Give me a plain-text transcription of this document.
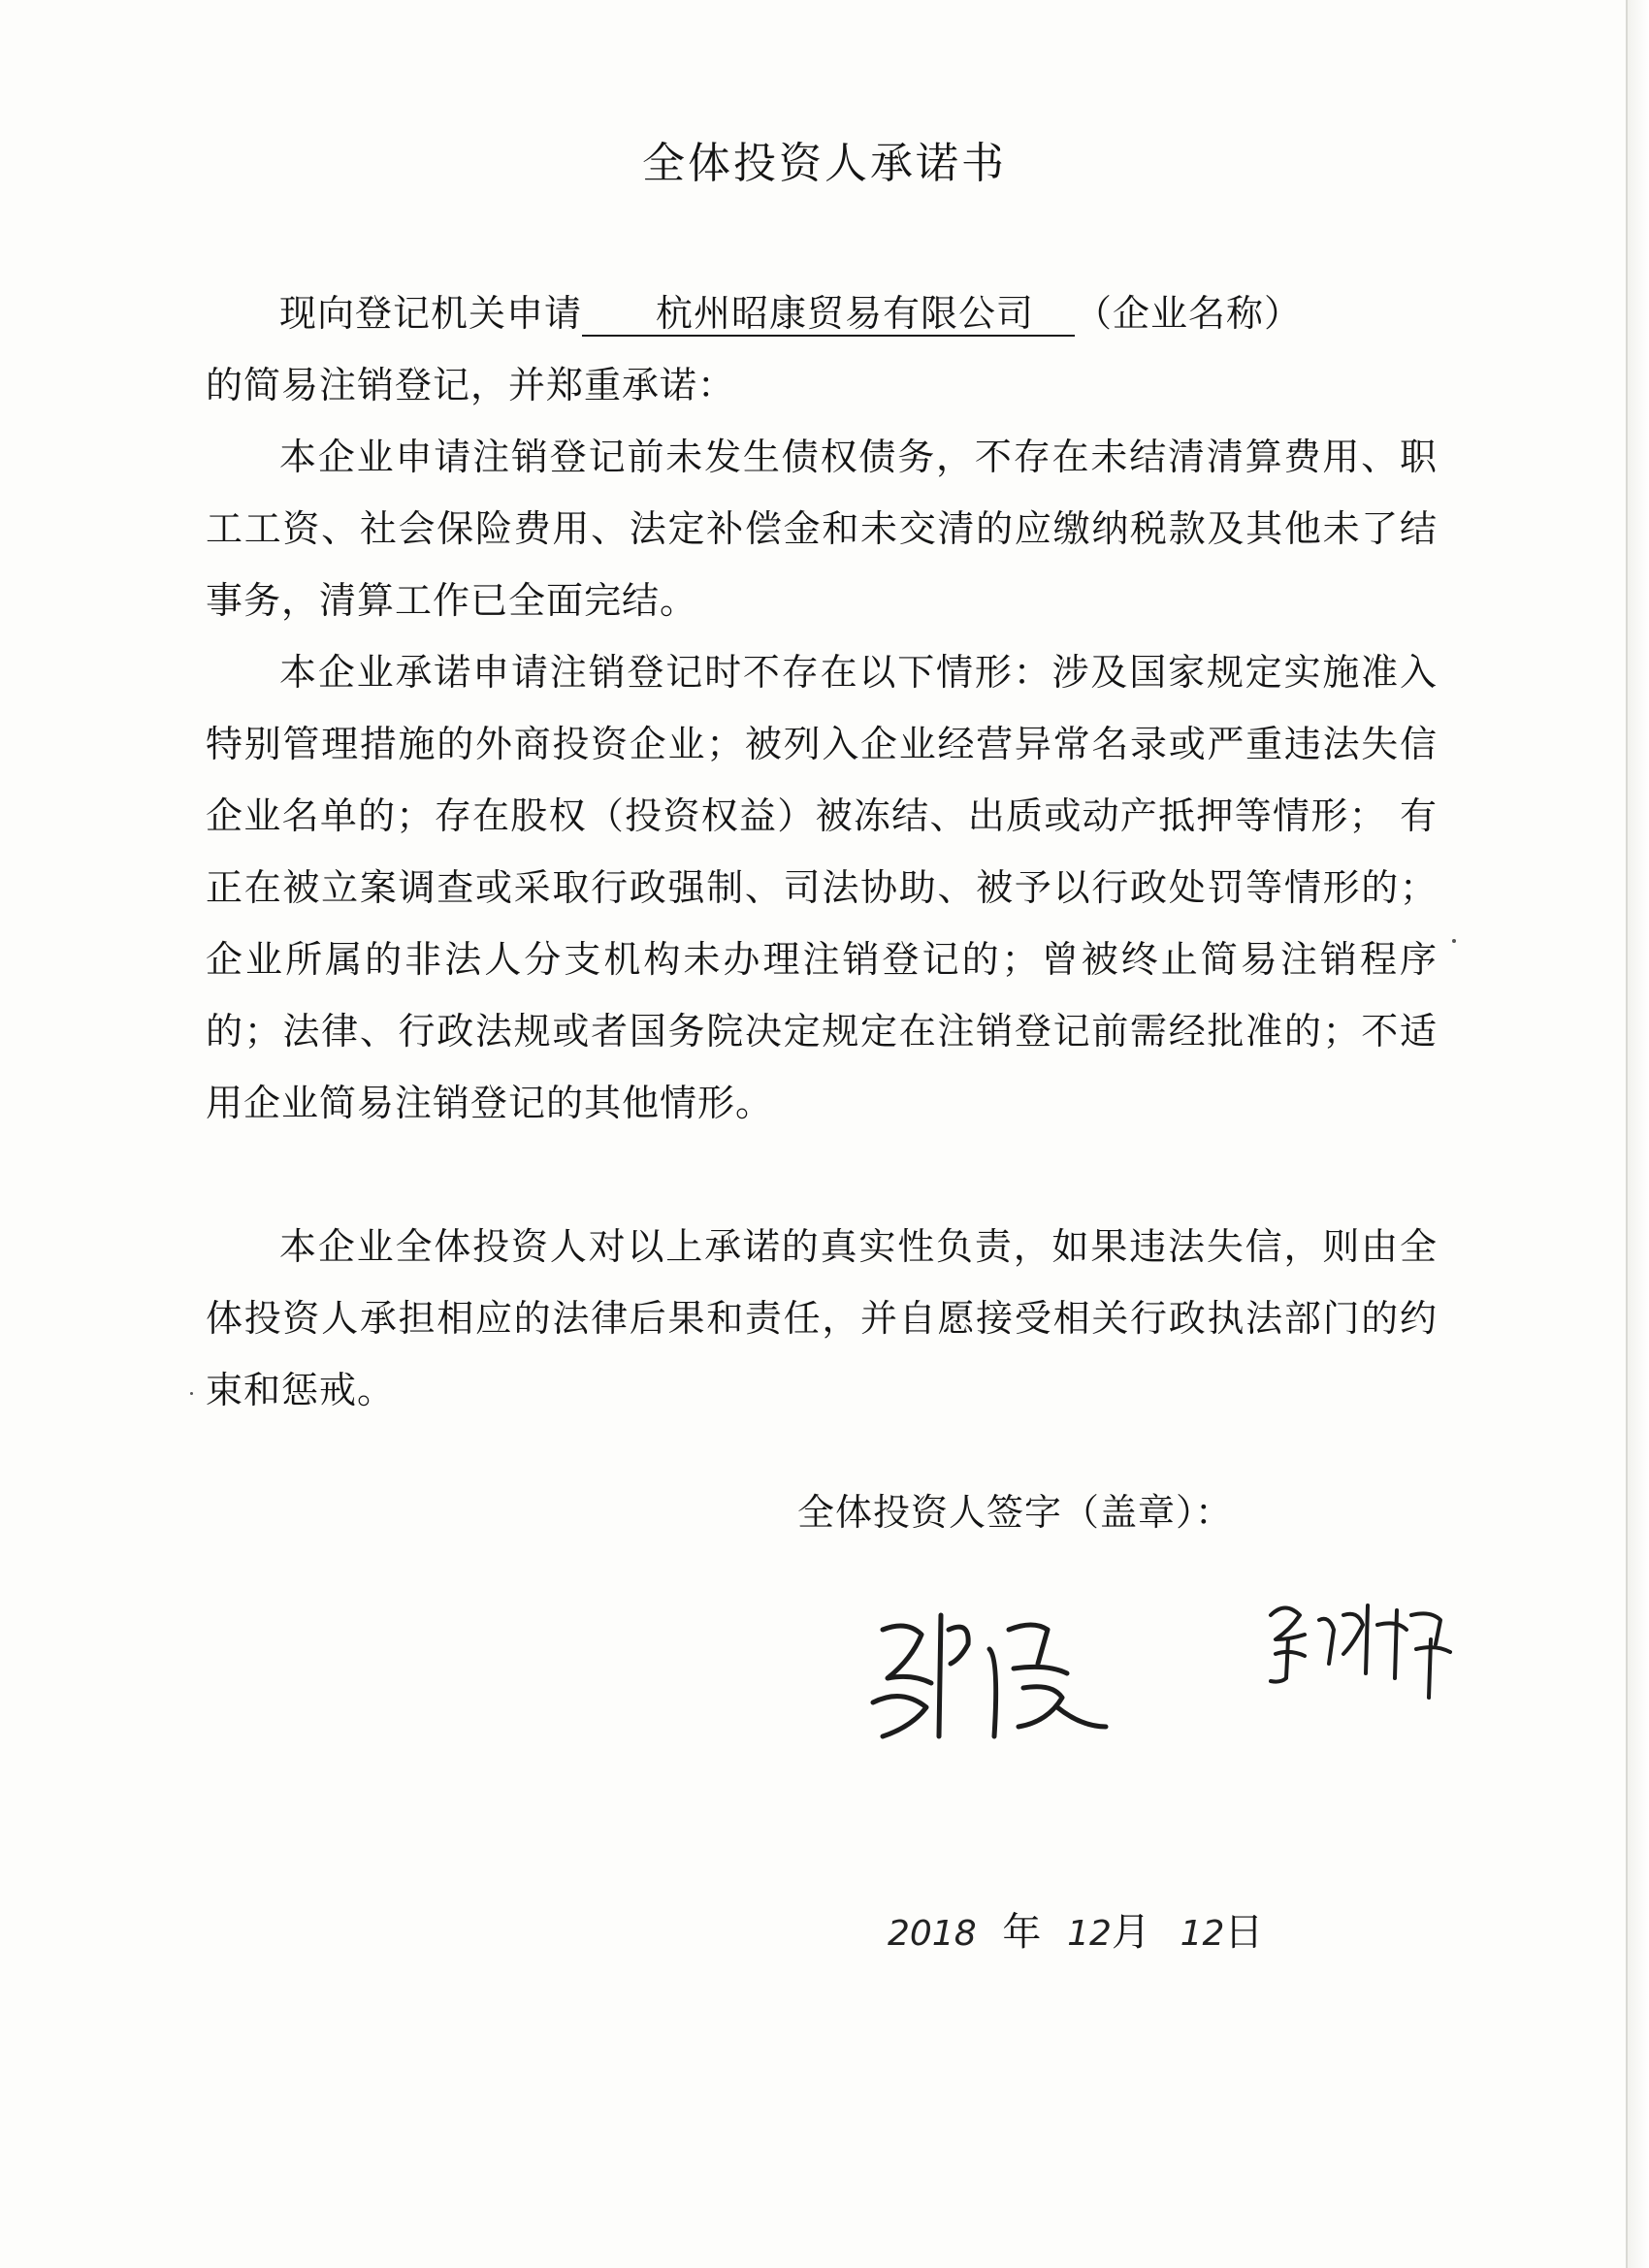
全体投资人承诺书

现向登记机关申请 杭州昭康贸易有限公司 （企业名称）

的简易注销登记，并郑重承诺：

本企业申请注销登记前未发生债权债务，不存在未结清清算费用、职工工资、社会保险费用、法定补偿金和未交清的应缴纳税款及其他未了结事务，清算工作已全面完结。

本企业承诺申请注销登记时不存在以下情形：涉及国家规定实施准入特别管理措施的外商投资企业；被列入企业经营异常名录或严重违法失信企业名单的；存在股权（投资权益）被冻结、出质或动产抵押等情形； 有正在被立案调查或采取行政强制、司法协助、被予以行政处罚等情形的；企业所属的非法人分支机构未办理注销登记的；曾被终止简易注销程序的；法律、行政法规或者国务院决定规定在注销登记前需经批准的；不适用企业简易注销登记的其他情形。

本企业全体投资人对以上承诺的真实性负责，如果违法失信，则由全体投资人承担相应的法律后果和责任，并自愿接受相关行政执法部门的约束和惩戒。

全体投资人签字（盖章）：
2018 年 12月 12日
